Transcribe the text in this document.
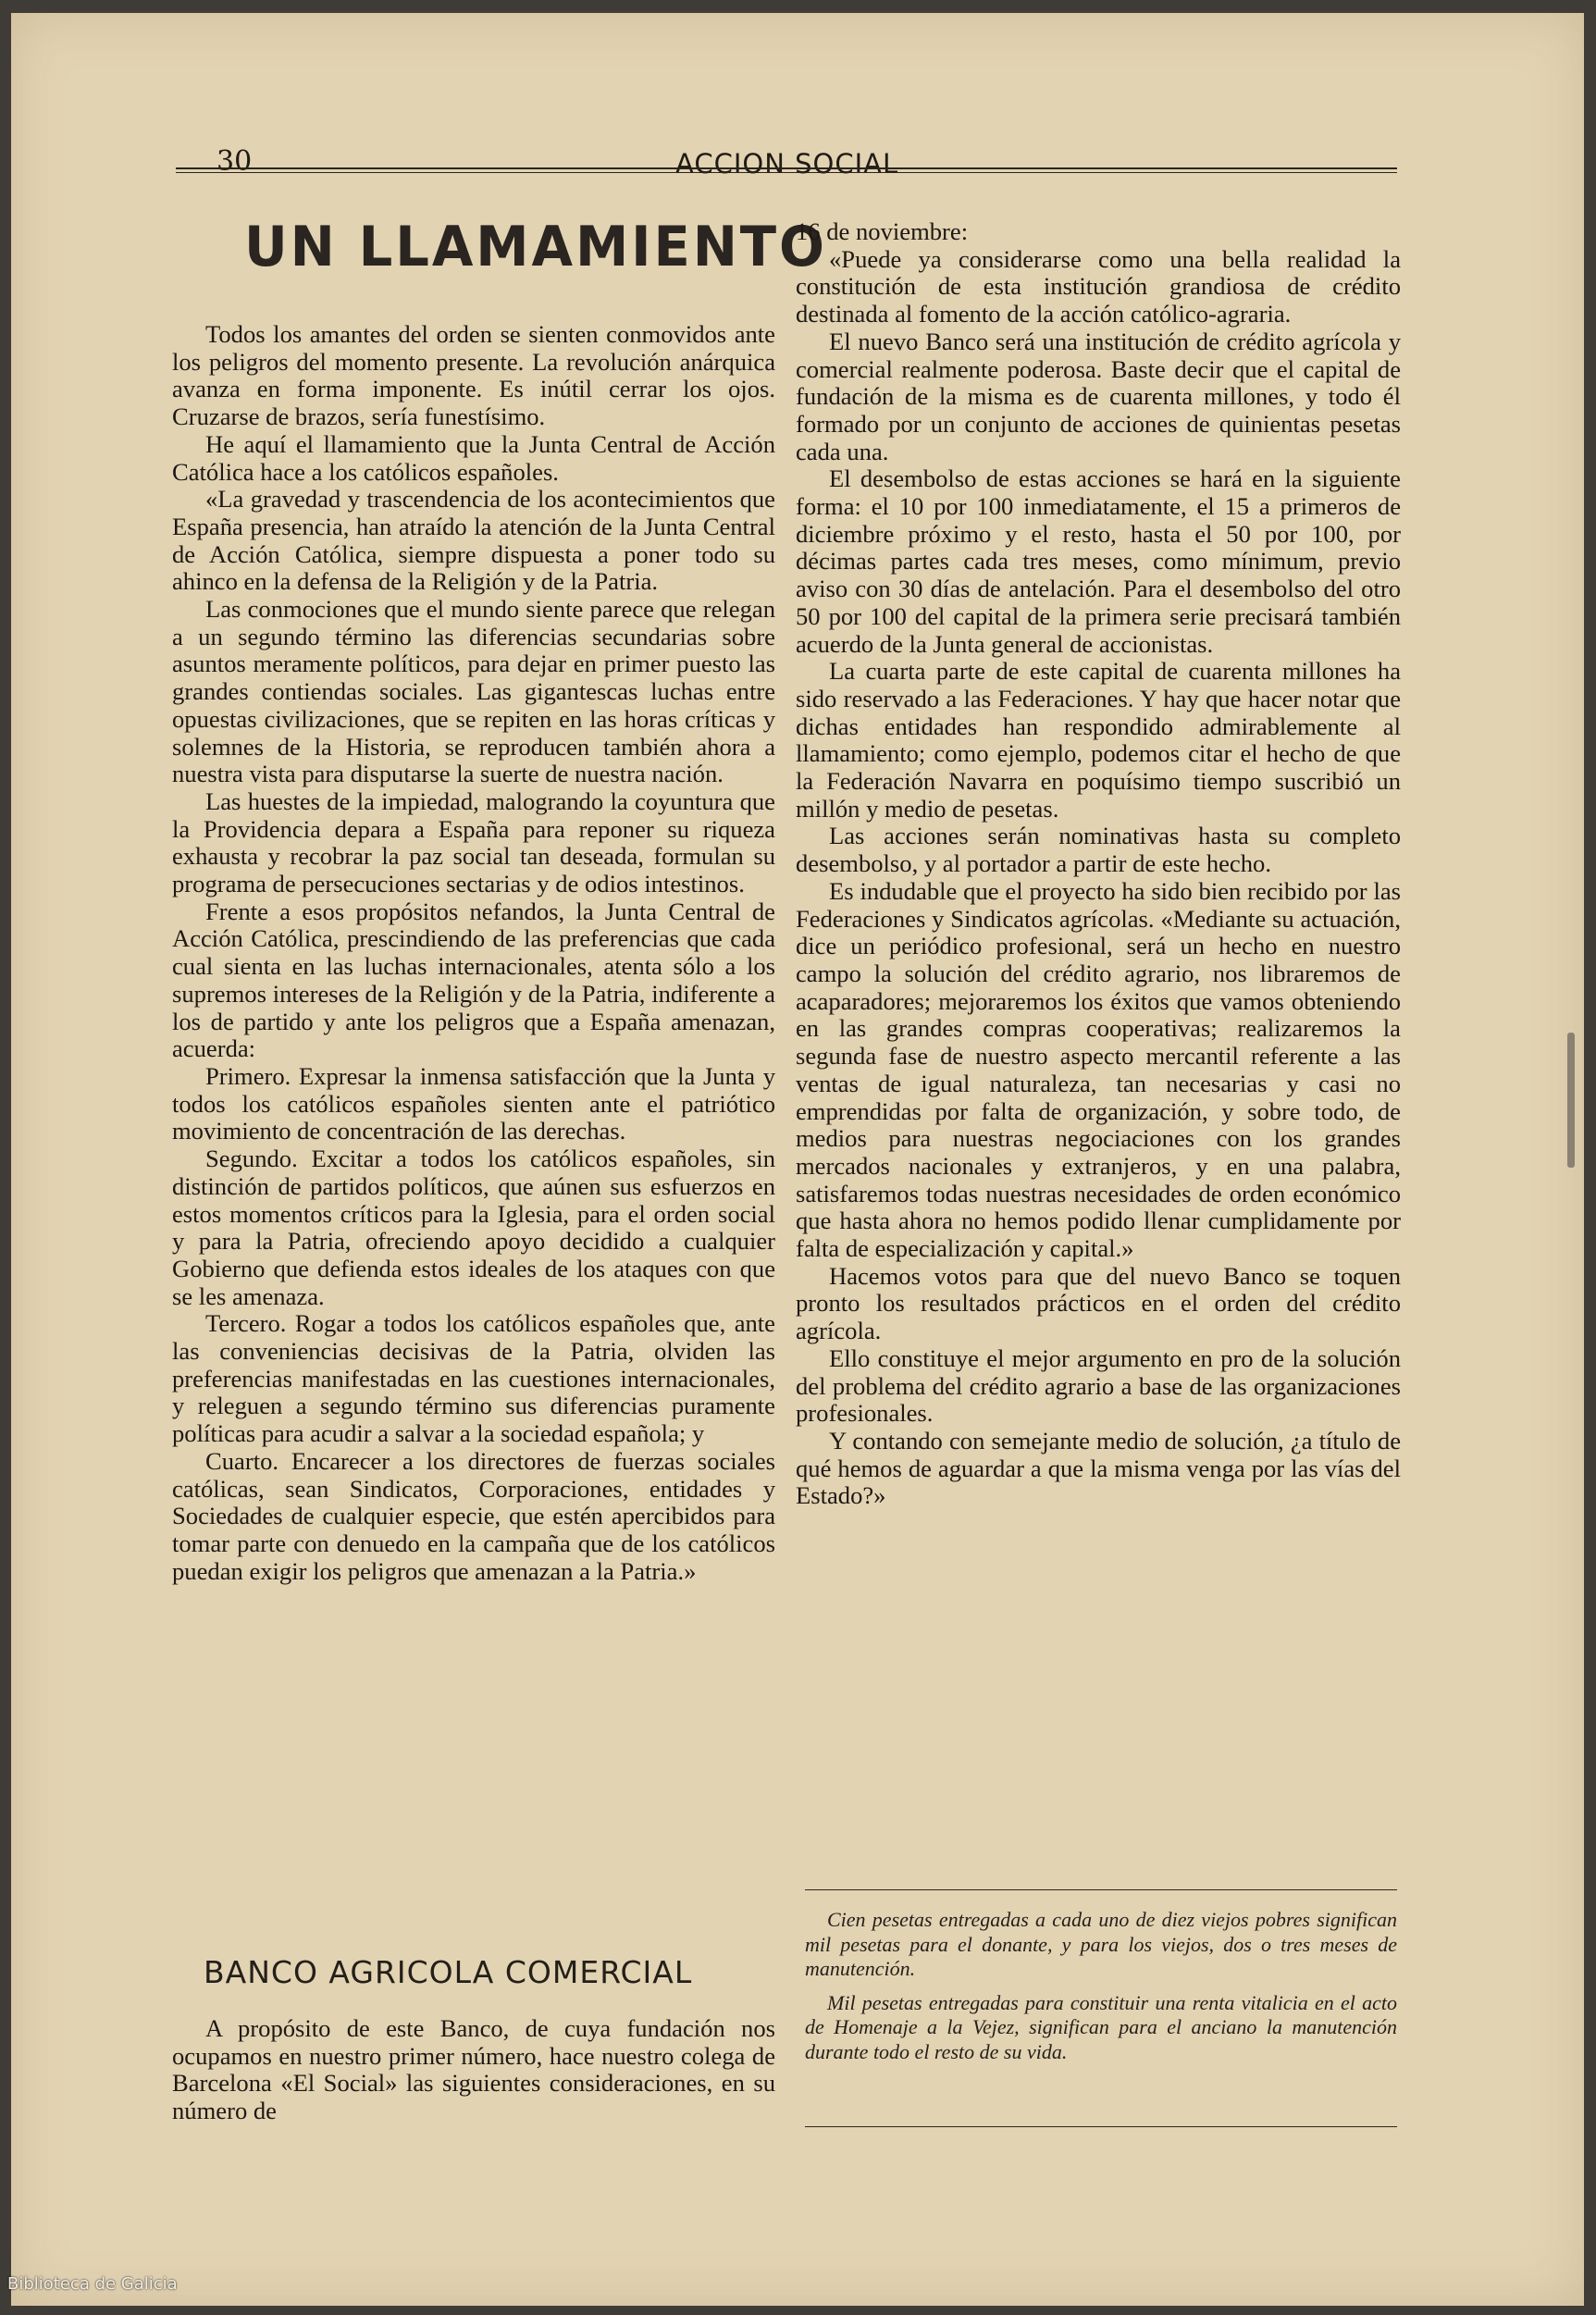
30	ACCION SOCIAL
UN LLAMAMIENTO

Todos los amantes del orden se sienten conmovidos ante los peligros del momento presente. La revolución anárquica avanza en forma imponente. Es inútil cerrar los ojos. Cruzarse de brazos, sería funestísimo.

He aquí el llamamiento que la Junta Central de Acción Católica hace a los católicos españoles.

«La gravedad y trascendencia de los acontecimientos que España presencia, han atraído la atención de la Junta Central de Acción Católica, siempre dispuesta a poner todo su ahinco en la defensa de la Religión y de la Patria.

Las conmociones que el mundo siente parece que relegan a un segundo término las diferencias secundarias sobre asuntos meramente políticos, para dejar en primer puesto las grandes contiendas sociales. Las gigantescas luchas entre opuestas civilizaciones, que se repiten en las horas críticas y solemnes de la Historia, se reproducen también ahora a nuestra vista para disputarse la suerte de nuestra nación.

Las huestes de la impiedad, malogrando la coyuntura que la Providencia depara a España para reponer su riqueza exhausta y recobrar la paz social tan deseada, formulan su programa de persecuciones sectarias y de odios intestinos.

Frente a esos propósitos nefandos, la Junta Central de Acción Católica, prescindiendo de las preferencias que cada cual sienta en las luchas internacionales, atenta sólo a los supremos intereses de la Religión y de la Patria, indiferente a los de partido y ante los peligros que a España amenazan, acuerda:

Primero. Expresar la inmensa satisfacción que la Junta y todos los católicos españoles sienten ante el patriótico movimiento de concentración de las derechas.

Segundo. Excitar a todos los católicos españoles, sin distinción de partidos políticos, que aúnen sus esfuerzos en estos momentos críticos para la Iglesia, para el orden social y para la Patria, ofreciendo apoyo decidido a cualquier Gobierno que defienda estos ideales de los ataques con que se les amenaza.

Tercero. Rogar a todos los católicos españoles que, ante las conveniencias decisivas de la Patria, olviden las preferencias manifestadas en las cuestiones internacionales, y releguen a segundo término sus diferencias puramente políticas para acudir a salvar a la sociedad española; y

Cuarto. Encarecer a los directores de fuerzas sociales católicas, sean Sindicatos, Corporaciones, entidades y Sociedades de cualquier especie, que estén apercibidos para tomar parte con denuedo en la campaña que de los católicos puedan exigir los peligros que amenazan a la Patria.»

BANCO AGRICOLA COMERCIAL

A propósito de este Banco, de cuya fundación nos ocupamos en nuestro primer número, hace nuestro colega de Barcelona «El Social» las siguientes consideraciones, en su número de

16 de noviembre:

«Puede ya considerarse como una bella realidad la constitución de esta institución grandiosa de crédito destinada al fomento de la acción católico-agraria.

El nuevo Banco será una institución de crédito agrícola y comercial realmente poderosa. Baste decir que el capital de fundación de la misma es de cuarenta millones, y todo él formado por un conjunto de acciones de quinientas pesetas cada una.

El desembolso de estas acciones se hará en la siguiente forma: el 10 por 100 inmediatamente, el 15 a primeros de diciembre próximo y el resto, hasta el 50 por 100, por décimas partes cada tres meses, como mínimum, previo aviso con 30 días de antelación. Para el desembolso del otro 50 por 100 del capital de la primera serie precisará también acuerdo de la Junta general de accionistas.

La cuarta parte de este capital de cuarenta millones ha sido reservado a las Federaciones. Y hay que hacer notar que dichas entidades han respondido admirablemente al llamamiento; como ejemplo, podemos citar el hecho de que la Federación Navarra en poquísimo tiempo suscribió un millón y medio de pesetas.

Las acciones serán nominativas hasta su completo desembolso, y al portador a partir de este hecho.

Es indudable que el proyecto ha sido bien recibido por las Federaciones y Sindicatos agrícolas. «Mediante su actuación, dice un periódico profesional, será un hecho en nuestro campo la solución del crédito agrario, nos libraremos de acaparadores; mejoraremos los éxitos que vamos obteniendo en las grandes compras cooperativas; realizaremos la segunda fase de nuestro aspecto mercantil referente a las ventas de igual naturaleza, tan necesarias y casi no emprendidas por falta de organización, y sobre todo, de medios para nuestras negociaciones con los grandes mercados nacionales y extranjeros, y en una palabra, satisfaremos todas nuestras necesidades de orden económico que hasta ahora no hemos podido llenar cumplidamente por falta de especialización y capital.»

Hacemos votos para que del nuevo Banco se toquen pronto los resultados prácticos en el orden del crédito agrícola.

Ello constituye el mejor argumento en pro de la solución del problema del crédito agrario a base de las organizaciones profesionales.

Y contando con semejante medio de solución, ¿a título de qué hemos de aguardar a que la misma venga por las vías del Estado?»

Cien pesetas entregadas a cada uno de diez viejos pobres significan mil pesetas para el donante, y para los viejos, dos o tres meses de manutención.

Mil pesetas entregadas para constituir una renta vitalicia en el acto de Homenaje a la Vejez, significan para el anciano la manutención durante todo el resto de su vida.

Biblioteca de Galicia
